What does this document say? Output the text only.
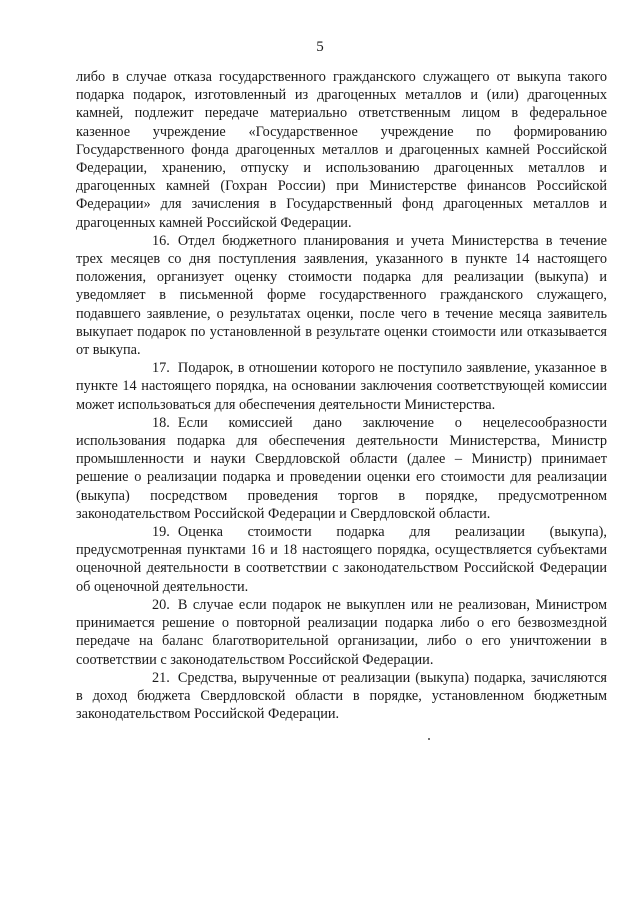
5

либо в случае отказа государственного гражданского служащего от выкупа такого подарка подарок, изготовленный из драгоценных металлов и (или) драгоценных камней, подлежит передаче материально ответственным лицом в федеральное казенное учреждение «Государственное учреждение по формированию Государственного фонда драгоценных металлов и драгоценных камней Российской Федерации, хранению, отпуску и использованию драгоценных металлов и драгоценных камней (Гохран России) при Министерстве финансов Российской Федерации» для зачисления в Государственный фонд драгоценных металлов и драгоценных камней Российской Федерации.

16. Отдел бюджетного планирования и учета Министерства в течение трех месяцев со дня поступления заявления, указанного в пункте 14 настоящего положения, организует оценку стоимости подарка для реализации (выкупа) и уведомляет в письменной форме государственного гражданского служащего, подавшего заявление, о результатах оценки, после чего в течение месяца заявитель выкупает подарок по установленной в результате оценки стоимости или отказывается от выкупа.

17. Подарок, в отношении которого не поступило заявление, указанное в пункте 14 настоящего порядка, на основании заключения соответствующей комиссии может использоваться для обеспечения деятельности Министерства.

18. Если комиссией дано заключение о нецелесообразности использования подарка для обеспечения деятельности Министерства, Министр промышленности и науки Свердловской области (далее – Министр) принимает решение о реализации подарка и проведении оценки его стоимости для реализации (выкупа) посредством проведения торгов в порядке, предусмотренном законодательством Российской Федерации и Свердловской области.

19. Оценка стоимости подарка для реализации (выкупа), предусмотренная пунктами 16 и 18 настоящего порядка, осуществляется субъектами оценочной деятельности в соответствии с законодательством Российской Федерации об оценочной деятельности.

20. В случае если подарок не выкуплен или не реализован, Министром принимается решение о повторной реализации подарка либо о его безвозмездной передаче на баланс благотворительной организации, либо о его уничтожении в соответствии с законодательством Российской Федерации.

21. Средства, вырученные от реализации (выкупа) подарка, зачисляются в доход бюджета Свердловской области в порядке, установленном бюджетным законодательством Российской Федерации.
